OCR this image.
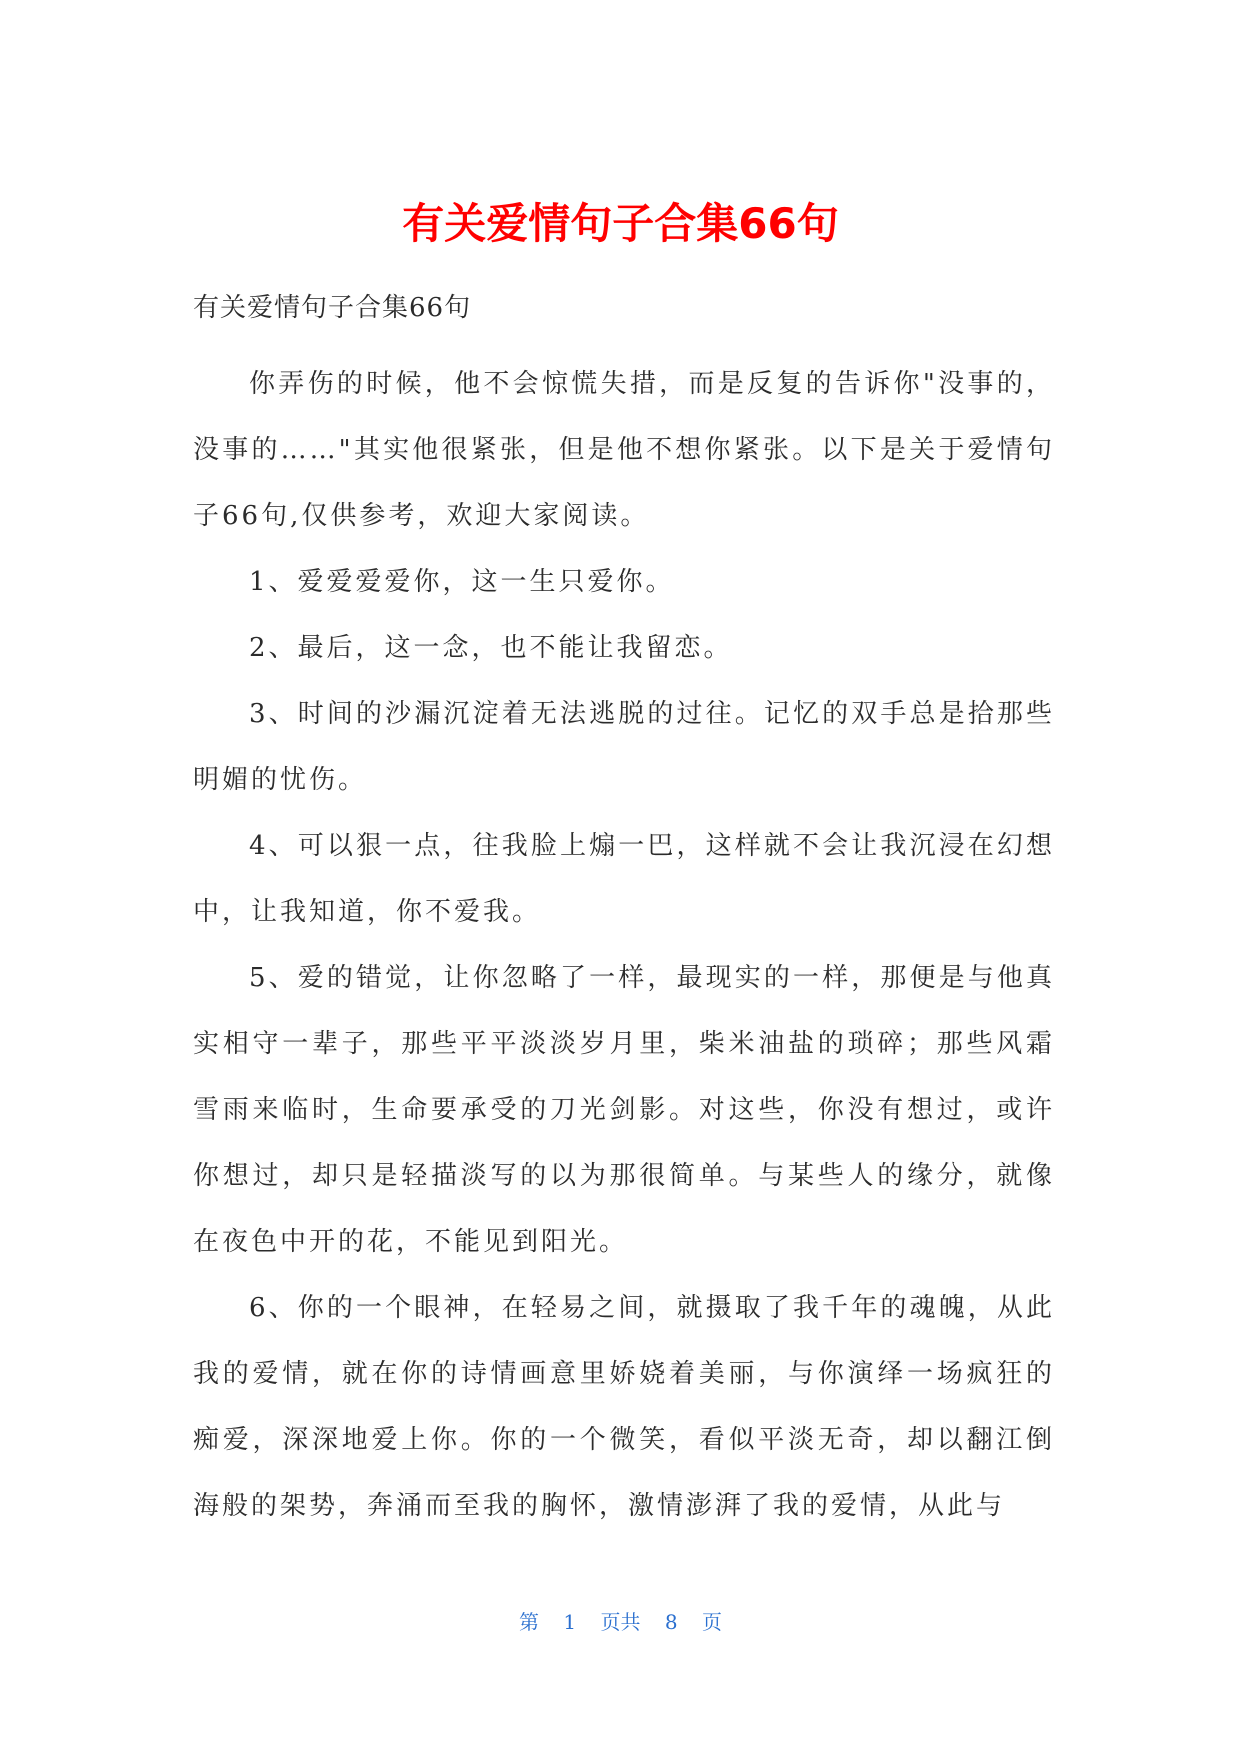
有关爱情句子合集66句

有关爱情句子合集66句

你弄伤的时候，他不会惊慌失措，而是反复的告诉你"没事的，没事的……"其实他很紧张，但是他不想你紧张。以下是关于爱情句子66句,仅供参考，欢迎大家阅读。

1、爱爱爱爱你，这一生只爱你。

2、最后，这一念，也不能让我留恋。

3、时间的沙漏沉淀着无法逃脱的过往。记忆的双手总是拾那些明媚的忧伤。

4、可以狠一点，往我脸上煽一巴，这样就不会让我沉浸在幻想中，让我知道，你不爱我。

5、爱的错觉，让你忽略了一样，最现实的一样，那便是与他真实相守一辈子，那些平平淡淡岁月里，柴米油盐的琐碎；那些风霜雪雨来临时，生命要承受的刀光剑影。对这些，你没有想过，或许你想过，却只是轻描淡写的以为那很简单。与某些人的缘分，就像在夜色中开的花，不能见到阳光。

6、你的一个眼神，在轻易之间，就摄取了我千年的魂魄，从此我的爱情，就在你的诗情画意里娇娆着美丽，与你演绎一场疯狂的痴爱，深深地爱上你。你的一个微笑，看似平淡无奇，却以翻江倒海般的架势，奔涌而至我的胸怀，激情澎湃了我的爱情，从此与

第 1 页共 8 页
